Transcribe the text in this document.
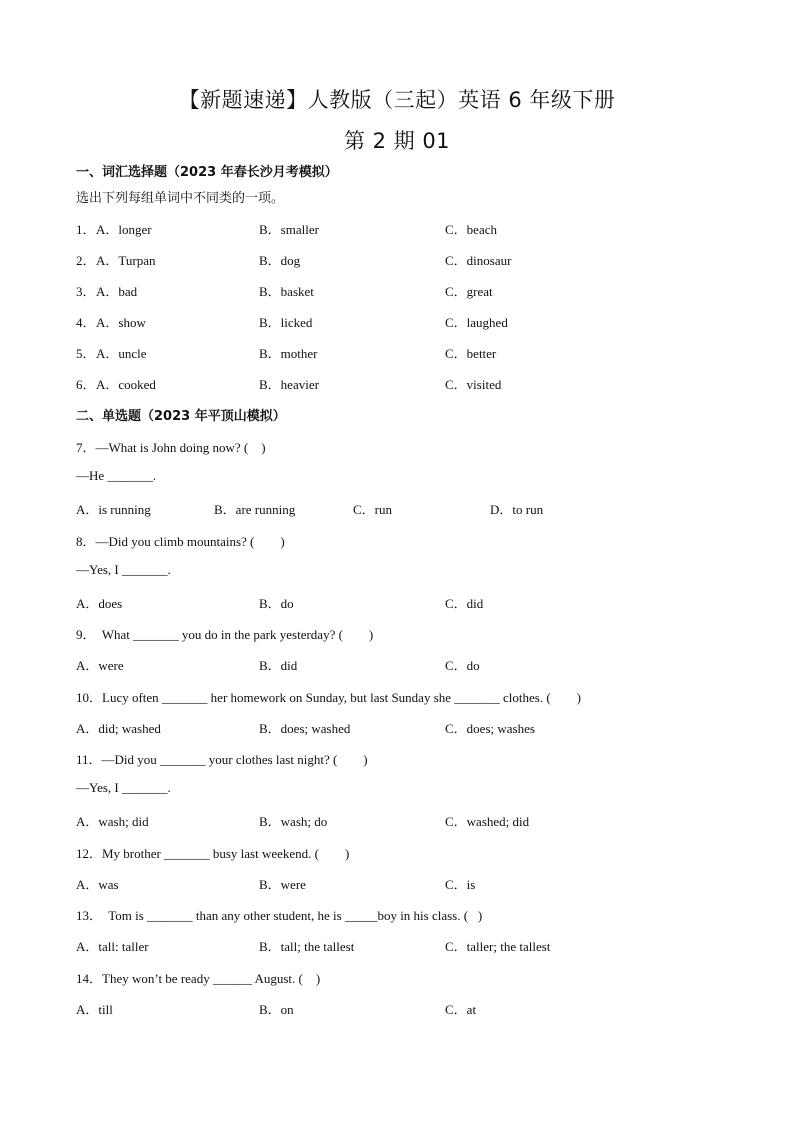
【新题速递】人教版（三起）英语 6 年级下册
第 2 期 01
一、词汇选择题（2023 年春长沙月考模拟）
选出下列每组单词中不同类的一项。
1． A．longer	B．smaller	C．beach
2． A．Turpan	B．dog	C．dinosaur
3． A．bad	B．basket	C．great
4． A．show	B．licked	C．laughed
5． A．uncle	B．mother	C．better
6． A．cooked	B．heavier	C．visited
二、单选题（2023 年平顶山模拟）
7．—What is John doing now? (    )
—He _______.
A．is running	B．are running	C．run	D．to run
8．—Did you climb mountains? (        )
—Yes, I _______.
A．does	B．do	C．did
9．  What _______ you do in the park yesterday? (        )
A．were	B．did	C．do
10．Lucy often _______ her homework on Sunday, but last Sunday she _______ clothes. (        )
A．did; washed	B．does; washed	C．does; washes
11．—Did you _______ your clothes last night? (        )
—Yes, I _______.
A．wash; did	B．wash; do	C．washed; did
12．My brother _______ busy last weekend. (        )
A．was	B．were	C．is
13．  Tom is _______ than any other student, he is _____boy in his class. (   )
A．tall: taller	B．tall; the tallest	C．taller; the tallest
14．They won’t be ready ______ August. (    )
A．till	B．on	C．at
